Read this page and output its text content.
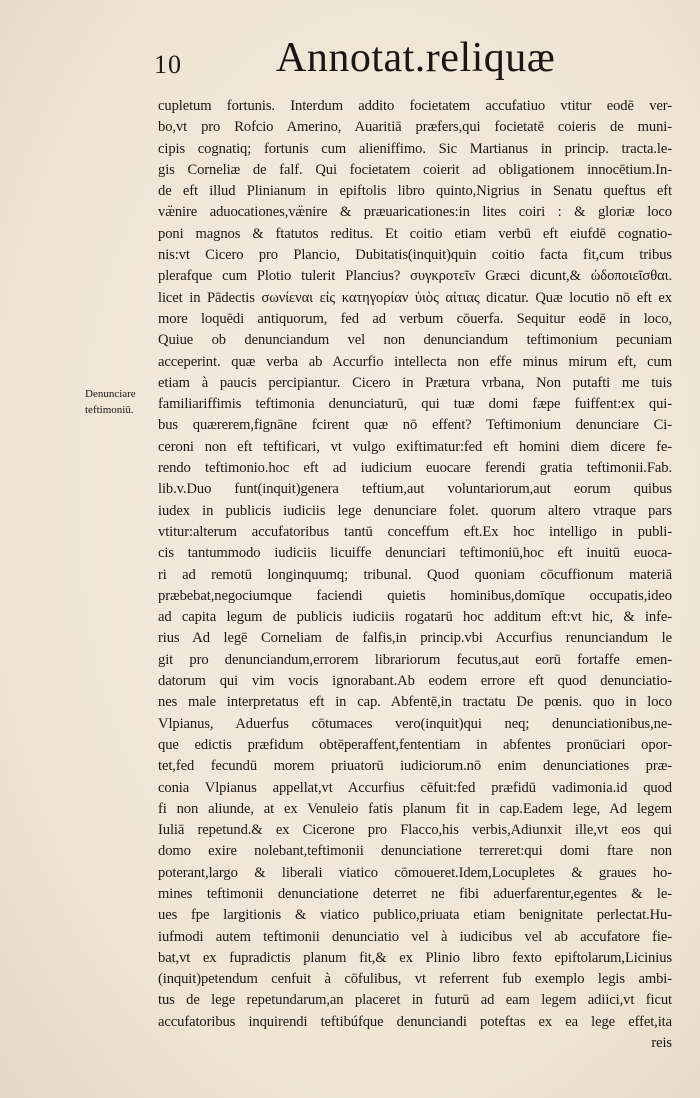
10 Annotat.reliquæ
Denunciare
teftimoniū.
cupletum fortunis. Interdum addito focietatem accufatiuo vtitur eodē ver-
bo,vt pro Rofcio Amerino, Auaritiā præfers,qui focietatē coieris de muni-
cipis cognatiq; fortunis cum alieniffimo. Sic Martianus in princip. tracta.le-
gis Corneliæ de falf. Qui focietatem coierit ad obligationem innocētium.In-
de eft illud Plinianum in epiftolis libro quinto,Nigrius in Senatu queftus eft
væ̈nire aduocationes,væ̈nire & præuaricationes:in lites coiri : & gloriæ loco
poni magnos & ftatutos reditus. Et coitio etiam verbū eft eiufdē cognatio-
nis:vt Cicero pro Plancio, Dubitatis(inquit)quin coitio facta fit,cum tribus
plerafque cum Plotio tulerit Plancius? συγκροτεῖν Græci dicunt,& ὡδοποιεῖσθαι.
licet in Pādectis σωνίεναι εἰς κατηγορίαν ὑιὸς αἰτιας dicatur. Quæ locutio nō eft ex
more loquēdi antiquorum, fed ad verbum cōuerfa. Sequitur eodē in loco,
Quiue ob denunciandum vel non denunciandum teftimonium pecuniam
acceperint. quæ verba ab Accurfio intellecta non effe minus mirum eft, cum
etiam à paucis percipiantur. Cicero in Prætura vrbana, Non putafti me tuis
familiariffimis teftimonia denunciaturū, qui tuæ domi fæpe fuiffent:ex qui-
bus quærerem,fignāne fcirent quæ nō effent? Teftimonium denunciare Ci-
ceroni non eft teftificari, vt vulgo exiftimatur:fed eft homini diem dicere fe-
rendo teftimonio.hoc eft ad iudicium euocare ferendi gratia teftimonii.Fab.
lib.v.Duo funt(inquit)genera teftium,aut voluntariorum,aut eorum quibus
iudex in publicis iudiciis lege denunciare folet. quorum altero vtraque pars
vtitur:alterum accufatoribus tantū conceffum eft.Ex hoc intelligo in publi-
cis tantummodo iudiciis licuiffe denunciari teftimoniū,hoc eft inuitū euoca-
ri ad remotū longinquumq; tribunal. Quod quoniam cōcuffionum materiā
præbebat,negociumque faciendi quietis hominibus,domīque occupatis,ideo
ad capita legum de publicis iudiciis rogatarū hoc additum eft:vt hic, & infe-
rius Ad legē Corneliam de falfis,in princip.vbi Accurfius renunciandum le
git pro denunciandum,errorem librariorum fecutus,aut eorū fortaffe emen-
datorum qui vim vocis ignorabant.Ab eodem errore eft quod denunciatio-
nes male interpretatus eft in cap. Abfentē,in tractatu De pœnis. quo in loco
Vlpianus, Aduerfus cōtumaces vero(inquit)qui neq; denunciationibus,ne-
que edictis præfidum obtēperaffent,fententiam in abfentes pronūciari opor-
tet,fed fecundū morem priuatorū iudiciorum.nō enim denunciationes præ-
conia Vlpianus appellat,vt Accurfius cēfuit:fed præfidū vadimonia.id quod
fi non aliunde, at ex Venuleio fatis planum fit in cap.Eadem lege, Ad legem
Iuliā repetund.& ex Cicerone pro Flacco,his verbis,Adiunxit ille,vt eos qui
domo exire nolebant,teftimonii denunciatione terreret:qui domi ftare non
poterant,largo & liberali viatico cōmoueret.Idem,Locupletes & graues ho-
mines teftimonii denunciatione deterret ne fibi aduerfarentur,egentes & le-
ues fpe largitionis & viatico publico,priuata etiam benignitate perlectat.Hu-
iufmodi autem teftimonii denunciatio vel à iudicibus vel ab accufatore fie-
bat,vt ex fupradictis planum fit,& ex Plinio libro fexto epiftolarum,Licinius
(inquit)petendum cenfuit à cōfulibus, vt referrent fub exemplo legis ambi-
tus de lege repetundarum,an placeret in futurū ad eam legem adiici,vt ficut
accufatoribus inquirendi teftibúfque denunciandi poteftas ex ea lege effet,ita
reis
